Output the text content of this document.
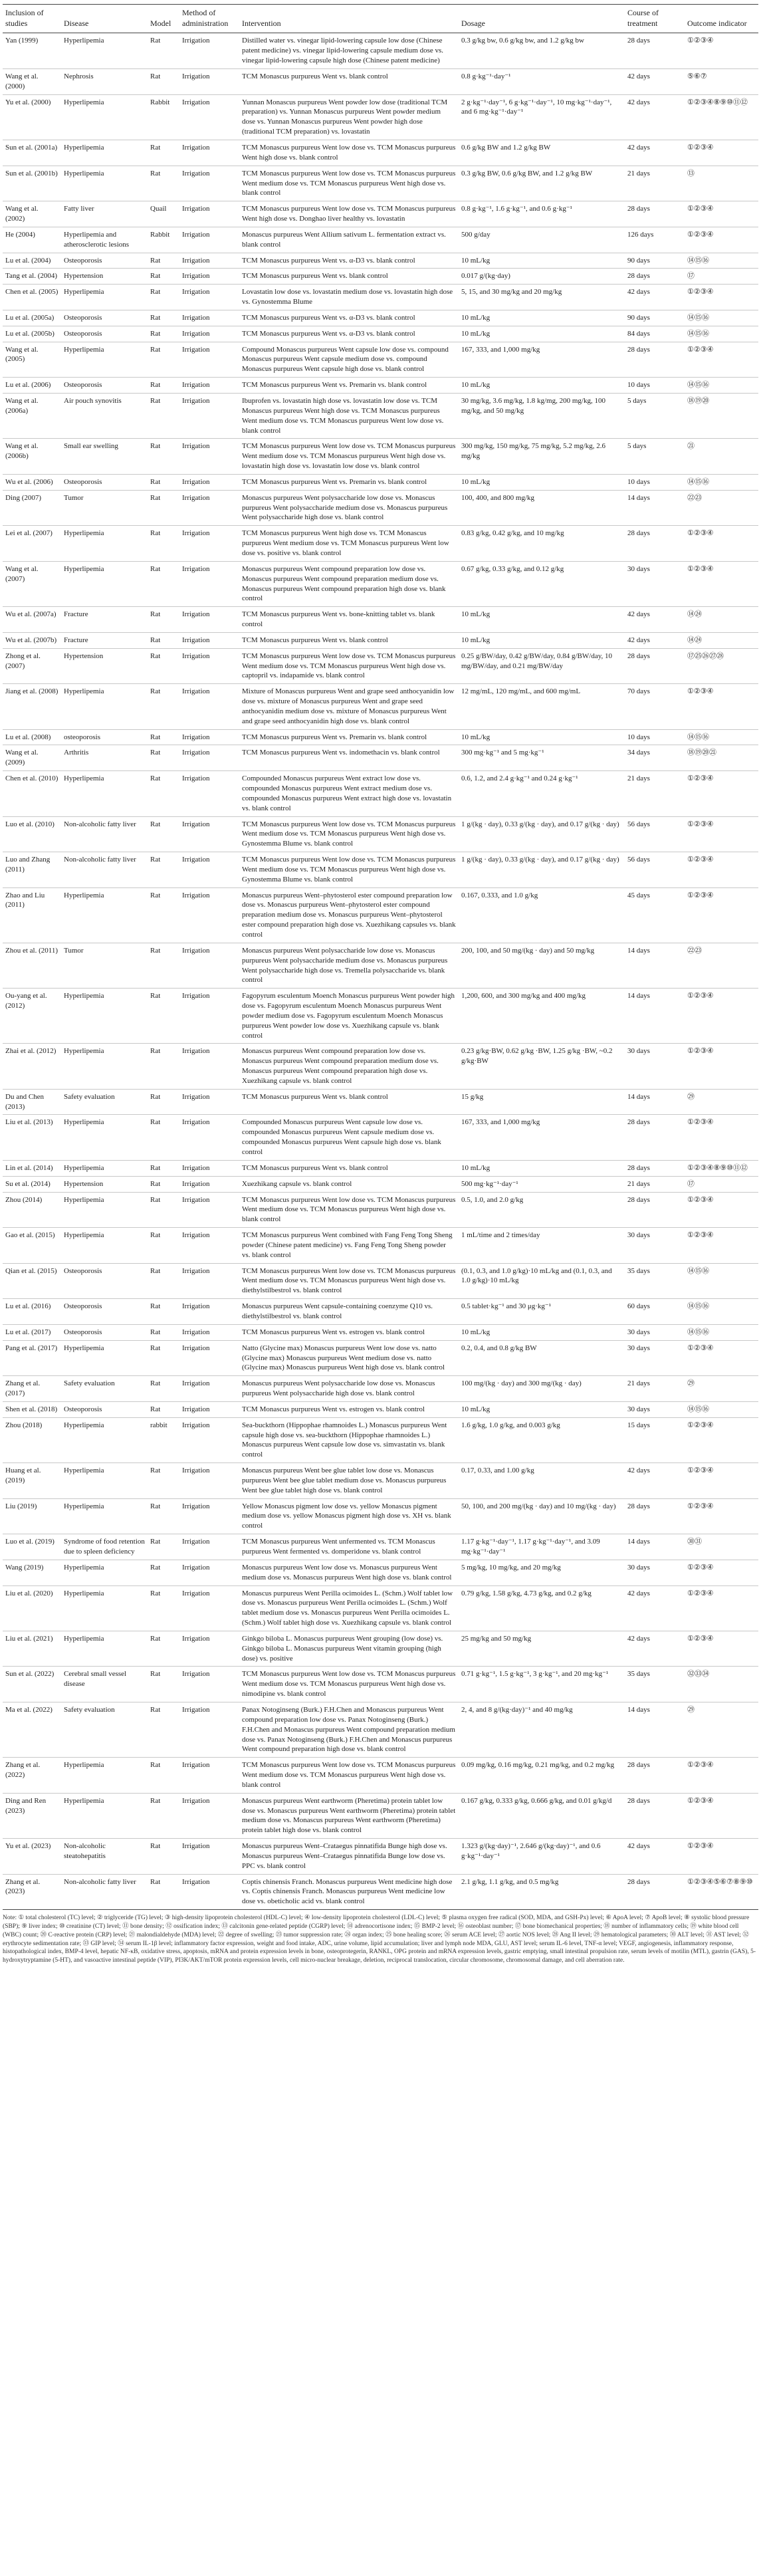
Inclusion of studies	Disease	Model	Method of administration	Intervention	Dosage	Course of treatment	Outcome indicator
Yan (1999)	Hyperlipemia	Rat	Irrigation	Distilled water vs. vinegar lipid-lowering capsule low dose (Chinese patent medicine) vs. vinegar lipid-lowering capsule medium dose vs. vinegar lipid-lowering capsule high dose (Chinese patent medicine)	0.3 g/kg bw, 0.6 g/kg bw, and 1.2 g/kg bw	28 days	①②③④
Wang et al. (2000)	Nephrosis	Rat	Irrigation	TCM Monascus purpureus Went vs. blank control	0.8 g·kg⁻¹·day⁻¹	42 days	⑤⑥⑦
Yu et al. (2000)	Hyperlipemia	Rabbit	Irrigation	Yunnan Monascus purpureus Went powder low dose (traditional TCM preparation) vs. Yunnan Monascus purpureus Went powder medium dose vs. Yunnan Monascus purpureus Went powder high dose (traditional TCM preparation) vs. lovastatin	2 g·kg⁻¹·day⁻¹, 6 g·kg⁻¹·day⁻¹, 10 mg·kg⁻¹·day⁻¹, and 6 mg·kg⁻¹·day⁻¹	42 days	①②③④⑧⑨⑩⑪⑫
Sun et al. (2001a)	Hyperlipemia	Rat	Irrigation	TCM Monascus purpureus Went low dose vs. TCM Monascus purpureus Went high dose vs. blank control	0.6 g/kg BW and 1.2 g/kg BW	42 days	①②③④
Sun et al. (2001b)	Hyperlipemia	Rat	Irrigation	TCM Monascus purpureus Went low dose vs. TCM Monascus purpureus Went medium dose vs. TCM Monascus purpureus Went high dose vs. blank control	0.3 g/kg BW, 0.6 g/kg BW, and 1.2 g/kg BW	21 days	⑬
Wang et al. (2002)	Fatty liver	Quail	Irrigation	TCM Monascus purpureus Went low dose vs. TCM Monascus purpureus Went high dose vs. Donghao liver healthy vs. lovastatin	0.8 g·kg⁻¹, 1.6 g·kg⁻¹, and 0.6 g·kg⁻¹	28 days	①②③④
He (2004)	Hyperlipemia and atherosclerotic lesions	Rabbit	Irrigation	Monascus purpureus Went Allium sativum L. fermentation extract vs. blank control	500 g/day	126 days	①②③④
Lu et al. (2004)	Osteoporosis	Rat	Irrigation	TCM Monascus purpureus Went vs. α-D3 vs. blank control	10 mL/kg	90 days	⑭⑮⑯
Tang et al. (2004)	Hypertension	Rat	Irrigation	TCM Monascus purpureus Went vs. blank control	0.017 g/(kg·day)	28 days	⑰
Chen et al. (2005)	Hyperlipemia	Rat	Irrigation	Lovastatin low dose vs. lovastatin medium dose vs. lovastatin high dose vs. Gynostemma Blume	5, 15, and 30 mg/kg and 20 mg/kg	42 days	①②③④
Lu et al. (2005a)	Osteoporosis	Rat	Irrigation	TCM Monascus purpureus Went vs. α-D3 vs. blank control	10 mL/kg	90 days	⑭⑮⑯
Lu et al. (2005b)	Osteoporosis	Rat	Irrigation	TCM Monascus purpureus Went vs. α-D3 vs. blank control	10 mL/kg	84 days	⑭⑮⑯
Wang et al. (2005)	Hyperlipemia	Rat	Irrigation	Compound Monascus purpureus Went capsule low dose vs. compound Monascus purpureus Went capsule medium dose vs. compound Monascus purpureus Went capsule high dose vs. blank control	167, 333, and 1,000 mg/kg	28 days	①②③④
Lu et al. (2006)	Osteoporosis	Rat	Irrigation	TCM Monascus purpureus Went vs. Premarin vs. blank control	10 mL/kg	10 days	⑭⑮⑯
Wang et al. (2006a)	Air pouch synovitis	Rat	Irrigation	Ibuprofen vs. lovastatin high dose vs. lovastatin low dose vs. TCM Monascus purpureus Went high dose vs. TCM Monascus purpureus Went medium dose vs. TCM Monascus purpureus Went low dose vs. blank control	30 mg/kg, 3.6 mg/kg, 1.8 kg/mg, 200 mg/kg, 100 mg/kg, and 50 mg/kg	5 days	⑱⑲⑳
Wang et al. (2006b)	Small ear swelling	Rat	Irrigation	TCM Monascus purpureus Went low dose vs. TCM Monascus purpureus Went medium dose vs. TCM Monascus purpureus Went high dose vs. lovastatin high dose vs. lovastatin low dose vs. blank control	300 mg/kg, 150 mg/kg, 75 mg/kg, 5.2 mg/kg, 2.6 mg/kg	5 days	㉑
Wu et al. (2006)	Osteoporosis	Rat	Irrigation	TCM Monascus purpureus Went vs. Premarin vs. blank control	10 mL/kg	10 days	⑭⑮⑯
Ding (2007)	Tumor	Rat	Irrigation	Monascus purpureus Went polysaccharide low dose vs. Monascus purpureus Went polysaccharide medium dose vs. Monascus purpureus Went polysaccharide high dose vs. blank control	100, 400, and 800 mg/kg	14 days	㉒㉓
Lei et al. (2007)	Hyperlipemia	Rat	Irrigation	TCM Monascus purpureus Went high dose vs. TCM Monascus purpureus Went medium dose vs. TCM Monascus purpureus Went low dose vs. positive vs. blank control	0.83 g/kg, 0.42 g/kg, and 10 mg/kg	28 days	①②③④
Wang et al. (2007)	Hyperlipemia	Rat	Irrigation	Monascus purpureus Went compound preparation low dose vs. Monascus purpureus Went compound preparation medium dose vs. Monascus purpureus Went compound preparation high dose vs. blank control	0.67 g/kg, 0.33 g/kg, and 0.12 g/kg	30 days	①②③④
Wu et al. (2007a)	Fracture	Rat	Irrigation	TCM Monascus purpureus Went vs. bone-knitting tablet vs. blank control	10 mL/kg	42 days	⑭㉔
Wu et al. (2007b)	Fracture	Rat	Irrigation	TCM Monascus purpureus Went vs. blank control	10 mL/kg	42 days	⑭㉔
Zhong et al. (2007)	Hypertension	Rat	Irrigation	TCM Monascus purpureus Went low dose vs. TCM Monascus purpureus Went medium dose vs. TCM Monascus purpureus Went high dose vs. captopril vs. indapamide vs. blank control	0.25 g/BW/day, 0.42 g/BW/day, 0.84 g/BW/day, 10 mg/BW/day, and 0.21 mg/BW/day	28 days	⑰㉕㉖㉗㉘
Jiang et al. (2008)	Hyperlipemia	Rat	Irrigation	Mixture of Monascus purpureus Went and grape seed anthocyanidin low dose vs. mixture of Monascus purpureus Went and grape seed anthocyanidin medium dose vs. mixture of Monascus purpureus Went and grape seed anthocyanidin high dose vs. blank control	12 mg/mL, 120 mg/mL, and 600 mg/mL	70 days	①②③④
Lu et al. (2008)	osteoporosis	Rat	Irrigation	TCM Monascus purpureus Went vs. Premarin vs. blank control	10 mL/kg	10 days	⑭⑮⑯
Wang et al. (2009)	Arthritis	Rat	Irrigation	TCM Monascus purpureus Went vs. indomethacin vs. blank control	300 mg·kg⁻¹ and 5 mg·kg⁻¹	34 days	⑱⑲⑳㉑
Chen et al. (2010)	Hyperlipemia	Rat	Irrigation	Compounded Monascus purpureus Went extract low dose vs. compounded Monascus purpureus Went extract medium dose vs. compounded Monascus purpureus Went extract high dose vs. lovastatin vs. blank control	0.6, 1.2, and 2.4 g·kg⁻¹ and 0.24 g·kg⁻¹	21 days	①②③④
Luo et al. (2010)	Non-alcoholic fatty liver	Rat	Irrigation	TCM Monascus purpureus Went low dose vs. TCM Monascus purpureus Went medium dose vs. TCM Monascus purpureus Went high dose vs. Gynostemma Blume vs. blank control	1 g/(kg · day), 0.33 g/(kg · day), and 0.17 g/(kg · day)	56 days	①②③④
Luo and Zhang (2011)	Non-alcoholic fatty liver	Rat	Irrigation	TCM Monascus purpureus Went low dose vs. TCM Monascus purpureus Went medium dose vs. TCM Monascus purpureus Went high dose vs. Gynostemma Blume vs. blank control	1 g/(kg · day), 0.33 g/(kg · day), and 0.17 g/(kg · day)	56 days	①②③④
Zhao and Liu (2011)	Hyperlipemia	Rat	Irrigation	Monascus purpureus Went–phytosterol ester compound preparation low dose vs. Monascus purpureus Went–phytosterol ester compound preparation medium dose vs. Monascus purpureus Went–phytosterol ester compound preparation high dose vs. Xuezhikang capsules vs. blank control	0.167, 0.333, and 1.0 g/kg	45 days	①②③④
Zhou et al. (2011)	Tumor	Rat	Irrigation	Monascus purpureus Went polysaccharide low dose vs. Monascus purpureus Went polysaccharide medium dose vs. Monascus purpureus Went polysaccharide high dose vs. Tremella polysaccharide vs. blank control	200, 100, and 50 mg/(kg · day) and 50 mg/kg	14 days	㉒㉓
Ou-yang et al. (2012)	Hyperlipemia	Rat	Irrigation	Fagopyrum esculentum Moench Monascus purpureus Went powder high dose vs. Fagopyrum esculentum Moench Monascus purpureus Went powder medium dose vs. Fagopyrum esculentum Moench Monascus purpureus Went powder low dose vs. Xuezhikang capsule vs. blank control	1,200, 600, and 300 mg/kg and 400 mg/kg	14 days	①②③④
Zhai et al. (2012)	Hyperlipemia	Rat	Irrigation	Monascus purpureus Went compound preparation low dose vs. Monascus purpureus Went compound preparation medium dose vs. Monascus purpureus Went compound preparation high dose vs. Xuezhikang capsule vs. blank control	0.23 g/kg·BW, 0.62 g/kg ·BW, 1.25 g/kg ·BW, ~0.2 g/kg·BW	30 days	①②③④
Du and Chen (2013)	Safety evaluation	Rat	Irrigation	TCM Monascus purpureus Went vs. blank control	15 g/kg	14 days	㉙
Liu et al. (2013)	Hyperlipemia	Rat	Irrigation	Compounded Monascus purpureus Went capsule low dose vs. compounded Monascus purpureus Went capsule medium dose vs. compounded Monascus purpureus Went capsule high dose vs. blank control	167, 333, and 1,000 mg/kg	28 days	①②③④
Lin et al. (2014)	Hyperlipemia	Rat	Irrigation	TCM Monascus purpureus Went vs. blank control	10 mL/kg	28 days	①②③④⑧⑨⑩⑪⑫
Su et al. (2014)	Hypertension	Rat	Irrigation	Xuezhikang capsule vs. blank control	500 mg·kg⁻¹·day⁻¹	21 days	⑰
Zhou (2014)	Hyperlipemia	Rat	Irrigation	TCM Monascus purpureus Went low dose vs. TCM Monascus purpureus Went medium dose vs. TCM Monascus purpureus Went high dose vs. blank control	0.5, 1.0, and 2.0 g/kg	28 days	①②③④
Gao et al. (2015)	Hyperlipemia	Rat	Irrigation	TCM Monascus purpureus Went combined with Fang Feng Tong Sheng powder (Chinese patent medicine) vs. Fang Feng Tong Sheng powder vs. blank control	1 mL/time and 2 times/day	30 days	①②③④
Qian et al. (2015)	Osteoporosis	Rat	Irrigation	TCM Monascus purpureus Went low dose vs. TCM Monascus purpureus Went medium dose vs. TCM Monascus purpureus Went high dose vs. diethylstilbestrol vs. blank control	(0.1, 0.3, and 1.0 g/kg)·10 mL/kg and (0.1, 0.3, and 1.0 g/kg)·10 mL/kg	35 days	⑭⑮⑯
Lu et al. (2016)	Osteoporosis	Rat	Irrigation	Monascus purpureus Went capsule-containing coenzyme Q10 vs. diethylstilbestrol vs. blank control	0.5 tablet·kg⁻¹ and 30 μg·kg⁻¹	60 days	⑭⑮⑯
Lu et al. (2017)	Osteoporosis	Rat	Irrigation	TCM Monascus purpureus Went vs. estrogen vs. blank control	10 mL/kg	30 days	⑭⑮⑯
Pang et al. (2017)	Hyperlipemia	Rat	Irrigation	Natto (Glycine max) Monascus purpureus Went low dose vs. natto (Glycine max) Monascus purpureus Went medium dose vs. natto (Glycine max) Monascus purpureus Went high dose vs. blank control	0.2, 0.4, and 0.8 g/kg BW	30 days	①②③④
Zhang et al. (2017)	Safety evaluation	Rat	Irrigation	Monascus purpureus Went polysaccharide low dose vs. Monascus purpureus Went polysaccharide high dose vs. blank control	100 mg/(kg · day) and 300 mg/(kg · day)	21 days	㉙
Shen et al. (2018)	Osteoporosis	Rat	Irrigation	TCM Monascus purpureus Went vs. estrogen vs. blank control	10 mL/kg	30 days	⑭⑮⑯
Zhou (2018)	Hyperlipemia	rabbit	Irrigation	Sea-buckthorn (Hippophae rhamnoides L.) Monascus purpureus Went capsule high dose vs. sea-buckthorn (Hippophae rhamnoides L.) Monascus purpureus Went capsule low dose vs. simvastatin vs. blank control	1.6 g/kg, 1.0 g/kg, and 0.003 g/kg	15 days	①②③④
Huang et al. (2019)	Hyperlipemia	Rat	Irrigation	Monascus purpureus Went bee glue tablet low dose vs. Monascus purpureus Went bee glue tablet medium dose vs. Monascus purpureus Went bee glue tablet high dose vs. blank control	0.17, 0.33, and 1.00 g/kg	42 days	①②③④
Liu (2019)	Hyperlipemia	Rat	Irrigation	Yellow Monascus pigment low dose vs. yellow Monascus pigment medium dose vs. yellow Monascus pigment high dose vs. XH vs. blank control	50, 100, and 200 mg/(kg · day) and 10 mg/(kg · day)	28 days	①②③④
Luo et al. (2019)	Syndrome of food retention due to spleen deficiency	Rat	Irrigation	TCM Monascus purpureus Went unfermented vs. TCM Monascus purpureus Went fermented vs. domperidone vs. blank control	1.17 g·kg⁻¹·day⁻¹, 1.17 g·kg⁻¹·day⁻¹, and 3.09 mg·kg⁻¹·day⁻¹	14 days	㉚㉛
Wang (2019)	Hyperlipemia	Rat	Irrigation	Monascus purpureus Went low dose vs. Monascus purpureus Went medium dose vs. Monascus purpureus Went high dose vs. blank control	5 mg/kg, 10 mg/kg, and 20 mg/kg	30 days	①②③④
Liu et al. (2020)	Hyperlipemia	Rat	Irrigation	Monascus purpureus Went Perilla ocimoides L. (Schm.) Wolf tablet low dose vs. Monascus purpureus Went Perilla ocimoides L. (Schm.) Wolf tablet medium dose vs. Monascus purpureus Went Perilla ocimoides L. (Schm.) Wolf tablet high dose vs. Xuezhikang capsule vs. blank control	0.79 g/kg, 1.58 g/kg, 4.73 g/kg, and 0.2 g/kg	42 days	①②③④
Liu et al. (2021)	Hyperlipemia	Rat	Irrigation	Ginkgo biloba L. Monascus purpureus Went grouping (low dose) vs. Ginkgo biloba L. Monascus purpureus Went vitamin grouping (high dose) vs. positive	25 mg/kg and 50 mg/kg	42 days	①②③④
Sun et al. (2022)	Cerebral small vessel disease	Rat	Irrigation	TCM Monascus purpureus Went low dose vs. TCM Monascus purpureus Went medium dose vs. TCM Monascus purpureus Went high dose vs. nimodipine vs. blank control	0.71 g·kg⁻¹, 1.5 g·kg⁻¹, 3 g·kg⁻¹, and 20 mg·kg⁻¹	35 days	㉜㉝㉞
Ma et al. (2022)	Safety evaluation	Rat	Irrigation	Panax Notoginseng (Burk.) F.H.Chen and Monascus purpureus Went compound preparation low dose vs. Panax Notoginseng (Burk.) F.H.Chen and Monascus purpureus Went compound preparation medium dose vs. Panax Notoginseng (Burk.) F.H.Chen and Monascus purpureus Went compound preparation high dose vs. blank control	2, 4, and 8 g/(kg·day)⁻¹ and 40 mg/kg	14 days	㉙
Zhang et al. (2022)	Hyperlipemia	Rat	Irrigation	TCM Monascus purpureus Went low dose vs. TCM Monascus purpureus Went medium dose vs. TCM Monascus purpureus Went high dose vs. blank control	0.09 mg/kg, 0.16 mg/kg, 0.21 mg/kg, and 0.2 mg/kg	28 days	①②③④
Ding and Ren (2023)	Hyperlipemia	Rat	Irrigation	Monascus purpureus Went earthworm (Pheretima) protein tablet low dose vs. Monascus purpureus Went earthworm (Pheretima) protein tablet medium dose vs. Monascus purpureus Went earthworm (Pheretima) protein tablet high dose vs. blank control	0.167 g/kg, 0.333 g/kg, 0.666 g/kg, and 0.01 g/kg/d	28 days	①②③④
Yu et al. (2023)	Non-alcoholic steatohepatitis	Rat	Irrigation	Monascus purpureus Went–Crataegus pinnatifida Bunge high dose vs. Monascus purpureus Went–Crataegus pinnatifida Bunge low dose vs. PPC vs. blank control	1.323 g/(kg·day)⁻¹, 2.646 g/(kg·day)⁻¹, and 0.6 g·kg⁻¹·day⁻¹	42 days	①②③④
Zhang et al. (2023)	Non-alcoholic fatty liver	Rat	Irrigation	Coptis chinensis Franch. Monascus purpureus Went medicine high dose vs. Coptis chinensis Franch. Monascus purpureus Went medicine low dose vs. obeticholic acid vs. blank control	2.1 g/kg, 1.1 g/kg, and 0.5 mg/kg	28 days	①②③④⑤⑥⑦⑧⑨⑩

Note: ① total cholesterol (TC) level; ② triglyceride (TG) level; ③ high-density lipoprotein cholesterol (HDL-C) level; ④ low-density lipoprotein cholesterol (LDL-C) level; ⑤ plasma oxygen free radical (SOD, MDA, and GSH-Px) level; ⑥ ApoA level; ⑦ ApoB level; ⑧ systolic blood pressure (SBP); ⑨ liver index; ⑩ creatinine (CT) level; ⑪ bone density; ⑫ ossification index; ⑬ calcitonin gene-related peptide (CGRP) level; ⑭ adrenocortisone index; ⑮ BMP-2 level; ⑯ osteoblast number; ⑰ bone biomechanical properties; ⑱ number of inflammatory cells; ⑲ white blood cell (WBC) count; ⑳ C-reactive protein (CRP) level; ㉑ malondialdehyde (MDA) level; ㉒ degree of swelling; ㉓ tumor suppression rate; ㉔ organ index; ㉕ bone healing score; ㉖ serum ACE level; ㉗ aortic NOS level; ㉘ Ang II level; ㉙ hematological parameters; ㉚ ALT level; ㉛ AST level; ㉜ erythrocyte sedimentation rate; ㉝ GIP level; ㉞ serum IL-1β level; inflammatory factor expression, weight and food intake, ADC, urine volume, lipid accumulation; liver and lymph node MDA, GLU, AST level; serum IL-6 level, TNF-α level; VEGF, angiogenesis, inflammatory response, histopathological index, BMP-4 level, hepatic NF-κB, oxidative stress, apoptosis, mRNA and protein expression levels in bone, osteoprotegerin, RANKL, OPG protein and mRNA expression levels, gastric emptying, small intestinal propulsion rate, serum levels of motilin (MTL), gastrin (GAS), 5-hydroxytryptamine (5-HT), and vasoactive intestinal peptide (VIP), PI3K/AKT/mTOR protein expression levels, cell micro-nuclear breakage, deletion, reciprocal translocation, circular chromosome, chromosomal damage, and cell aberration rate.
